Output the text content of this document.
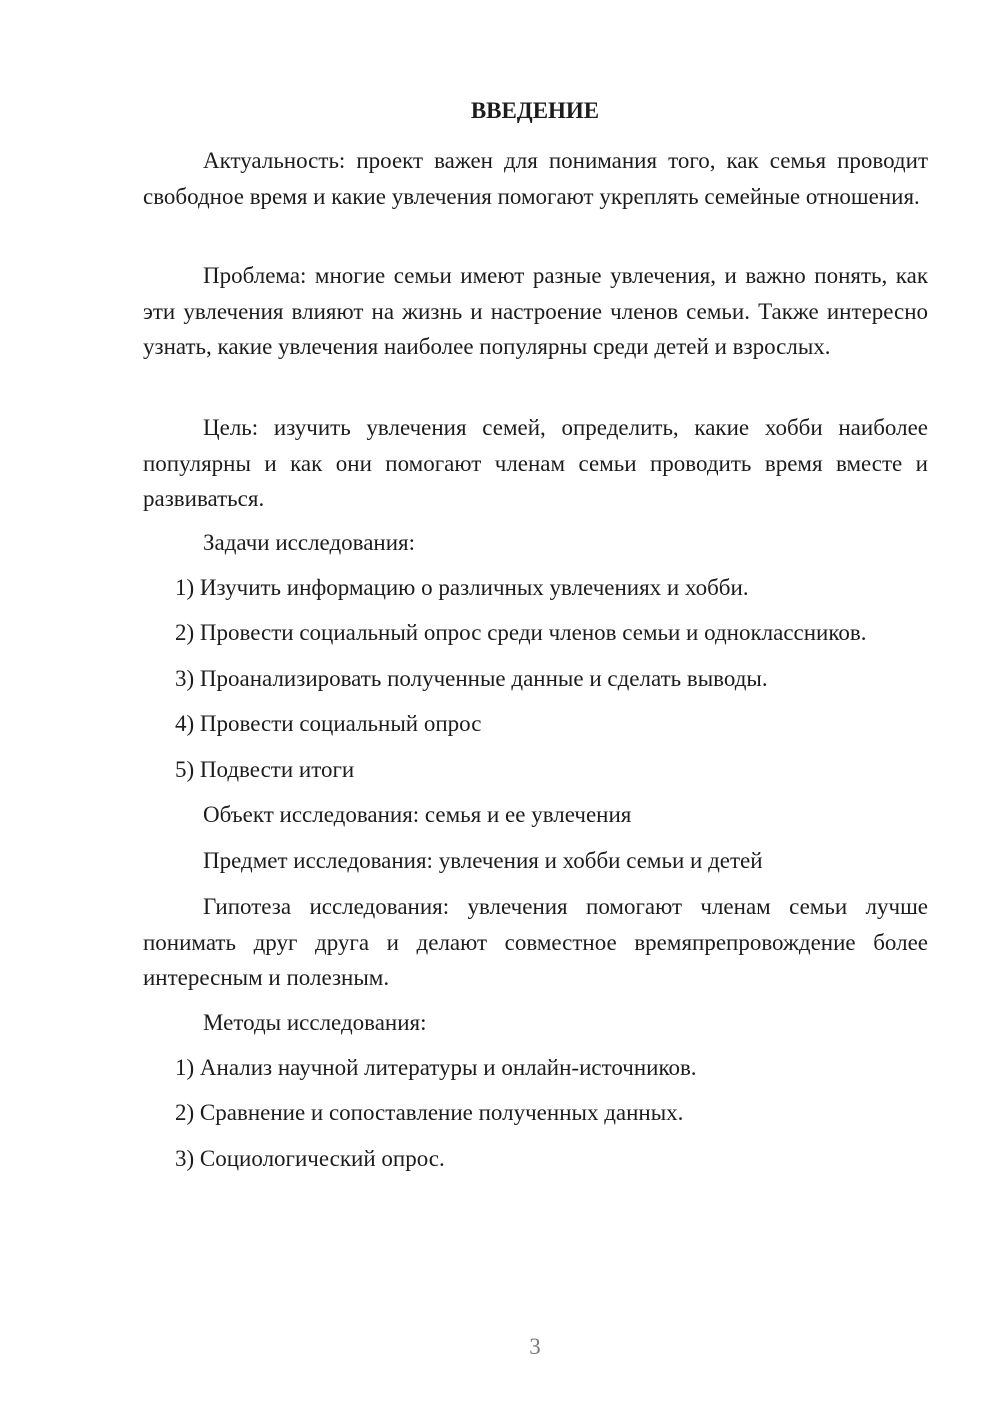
ВВЕДЕНИЕ

Актуальность: проект важен для понимания того, как семья проводит свободное время и какие увлечения помогают укреплять семейные отношения.

Проблема: многие семьи имеют разные увлечения, и важно понять, как эти увлечения влияют на жизнь и настроение членов семьи. Также интересно узнать, какие увлечения наиболее популярны среди детей и взрослых.

Цель: изучить увлечения семей, определить, какие хобби наиболее популярны и как они помогают членам семьи проводить время вместе и развиваться.

Задачи исследования:
1) Изучить информацию о различных увлечениях и хобби.
2) Провести социальный опрос среди членов семьи и одноклассников.
3) Проанализировать полученные данные и сделать выводы.
4) Провести социальный опрос
5) Подвести итоги
Объект исследования: семья и ее увлечения
Предмет исследования: увлечения и хобби семьи и детей

Гипотеза исследования: увлечения помогают членам семьи лучше понимать друг друга и делают совместное времяпрепровождение более интересным и полезным.

Методы исследования:
1) Анализ научной литературы и онлайн-источников.
2) Сравнение и сопоставление полученных данных.
3) Социологический опрос.
3
